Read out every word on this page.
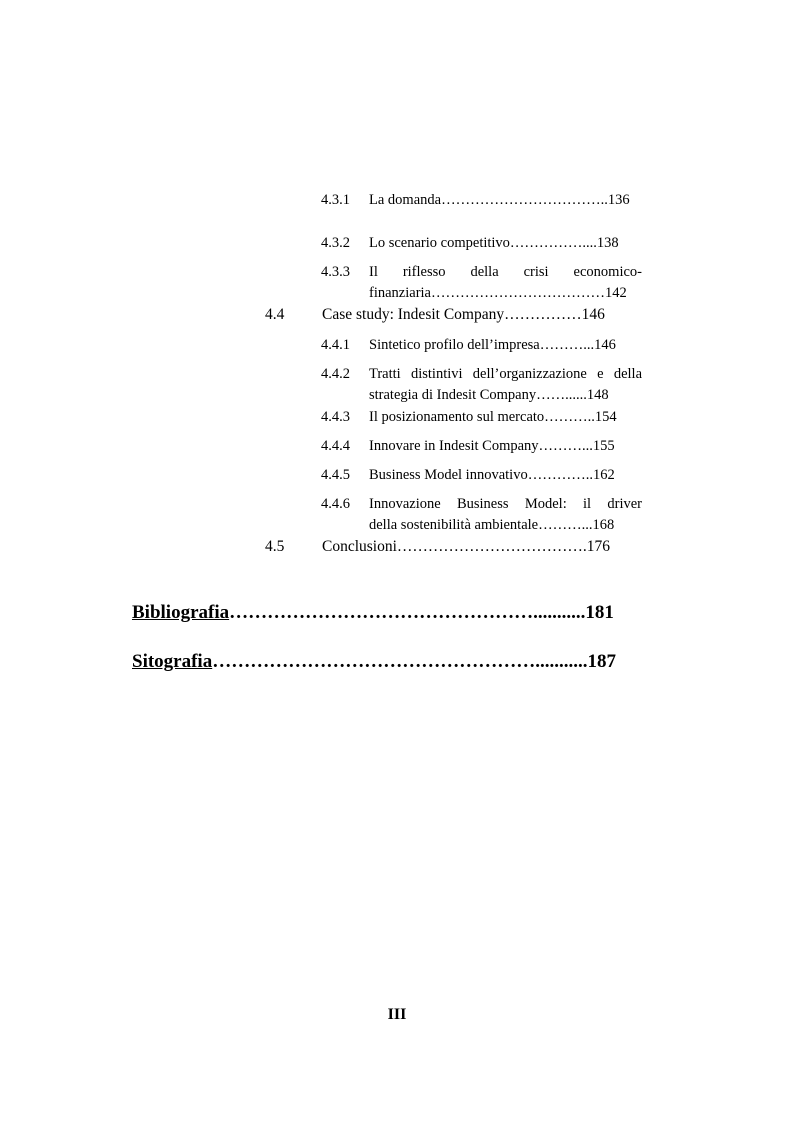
4.3.1 La domanda……………………………..136
4.3.2 Lo scenario competitivo……………....138
4.3.3 Il riflesso della crisi economico-
finanziaria………………………………142
4.4 Case study: Indesit Company……………146
4.4.1 Sintetico profilo dell’impresa………...146
4.4.2 Tratti distintivi dell’organizzazione e della
strategia di Indesit Company……......148
4.4.3 Il posizionamento sul mercato………..154
4.4.4 Innovare in Indesit Company………...155
4.4.5 Business Model innovativo…………..162
4.4.6 Innovazione Business Model: il driver
della sostenibilità ambientale………...168
4.5 Conclusioni……………………………….176
Bibliografia…………………………………………...........181
Sitografia……………………………………………...........187
III
